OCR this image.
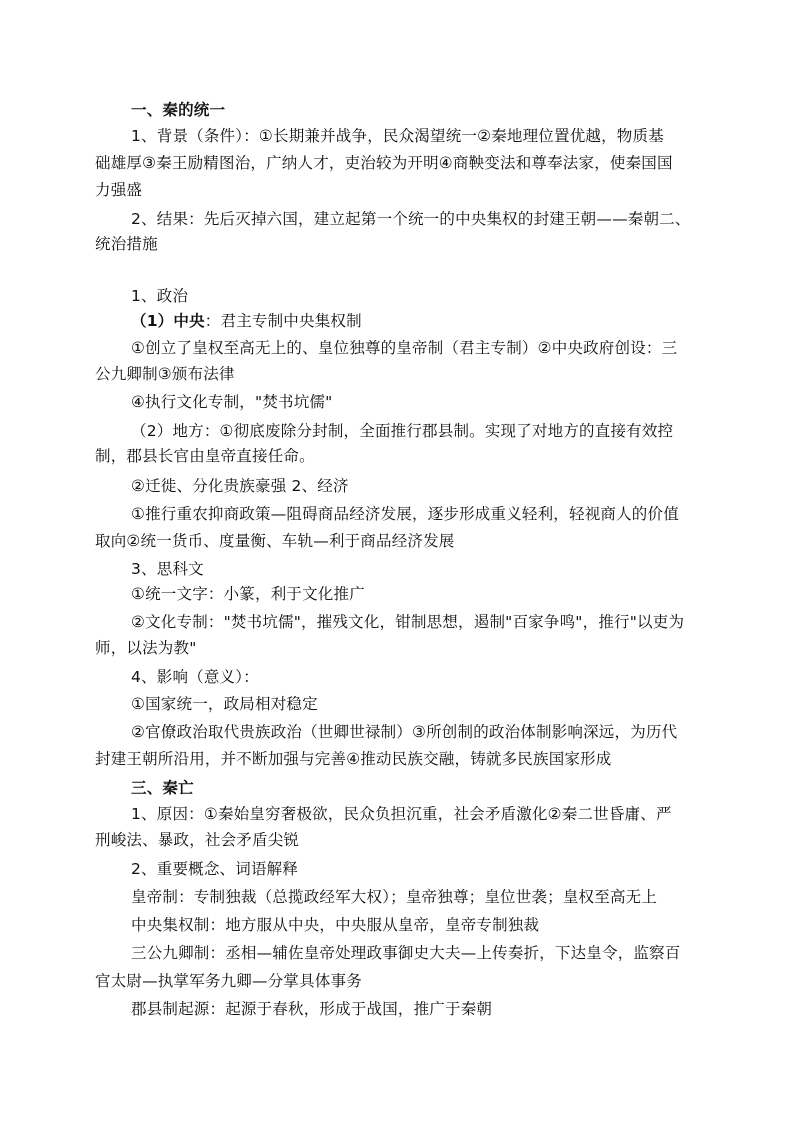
一、秦的统一
1、背景（条件）：①长期兼并战争，民众渴望统一②秦地理位置优越，物质基
础雄厚③秦王励精图治，广纳人才，吏治较为开明④商鞅变法和尊奉法家，使秦国国
力强盛
2、结果：先后灭掉六国，建立起第一个统一的中央集权的封建王朝——秦朝二、
统治措施
1、政治
（1）中央：君主专制中央集权制
①创立了皇权至高无上的、皇位独尊的皇帝制（君主专制）②中央政府创设：三
公九卿制③颁布法律
④执行文化专制，"焚书坑儒"
（2）地方：①彻底废除分封制，全面推行郡县制。实现了对地方的直接有效控
制，郡县长官由皇帝直接任命。
②迁徙、分化贵族豪强 2、经济
①推行重农抑商政策—阻碍商品经济发展，逐步形成重义轻利，轻视商人的价值
取向②统一货币、度量衡、车轨—利于商品经济发展
3、思科文
①统一文字：小篆，利于文化推广
②文化专制："焚书坑儒"，摧残文化，钳制思想，遏制"百家争鸣"，推行"以吏为
师，以法为教"
4、影响（意义）：
①国家统一，政局相对稳定
②官僚政治取代贵族政治（世卿世禄制）③所创制的政治体制影响深远，为历代
封建王朝所沿用，并不断加强与完善④推动民族交融，铸就多民族国家形成
三、秦亡
1、原因：①秦始皇穷奢极欲，民众负担沉重，社会矛盾激化②秦二世昏庸、严
刑峻法、暴政，社会矛盾尖锐
2、重要概念、词语解释
皇帝制：专制独裁（总揽政经军大权）；皇帝独尊；皇位世袭；皇权至高无上
中央集权制：地方服从中央，中央服从皇帝，皇帝专制独裁
三公九卿制：丞相—辅佐皇帝处理政事御史大夫—上传奏折，下达皇令，监察百
官太尉—执掌军务九卿—分掌具体事务
郡县制起源：起源于春秋，形成于战国，推广于秦朝
